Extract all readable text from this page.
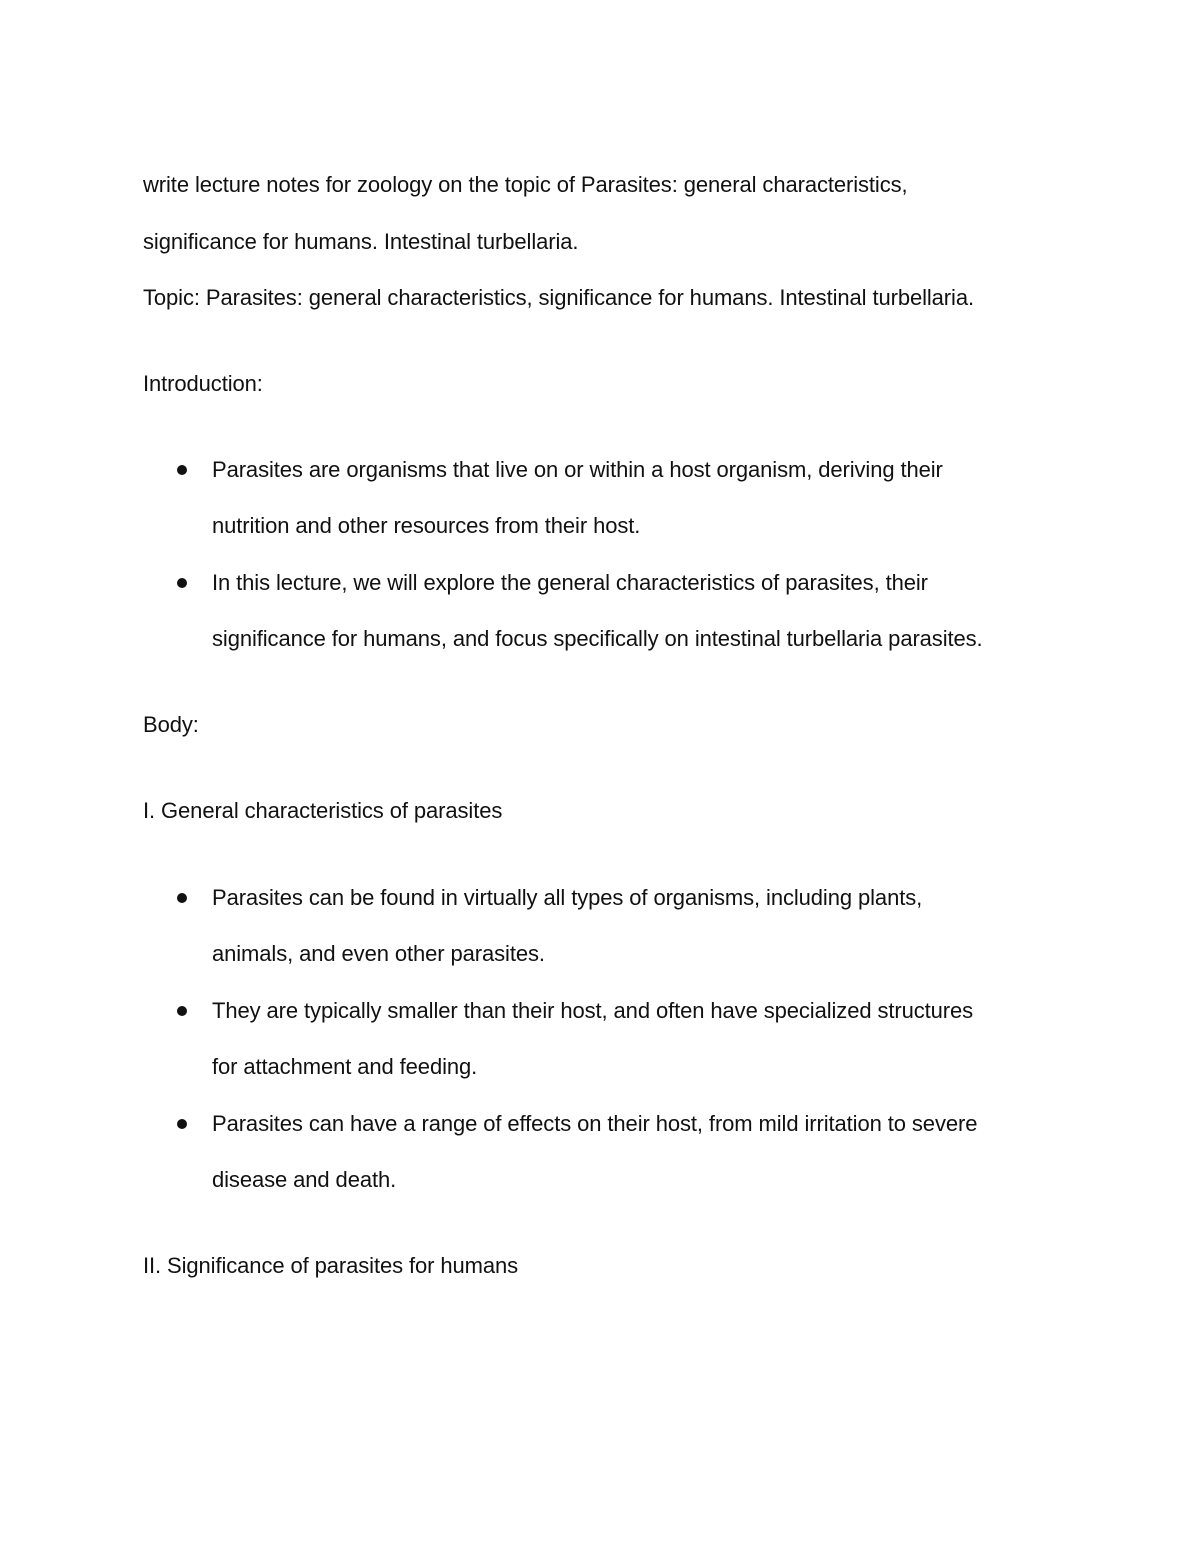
write lecture notes for zoology on the topic of Parasites: general characteristics,

significance for humans. Intestinal turbellaria.

Topic: Parasites: general characteristics, significance for humans. Intestinal turbellaria.

Introduction:

Parasites are organisms that live on or within a host organism, deriving their

nutrition and other resources from their host.

In this lecture, we will explore the general characteristics of parasites, their

significance for humans, and focus specifically on intestinal turbellaria parasites.

Body:

I. General characteristics of parasites

Parasites can be found in virtually all types of organisms, including plants,

animals, and even other parasites.

They are typically smaller than their host, and often have specialized structures

for attachment and feeding.

Parasites can have a range of effects on their host, from mild irritation to severe

disease and death.

II. Significance of parasites for humans
